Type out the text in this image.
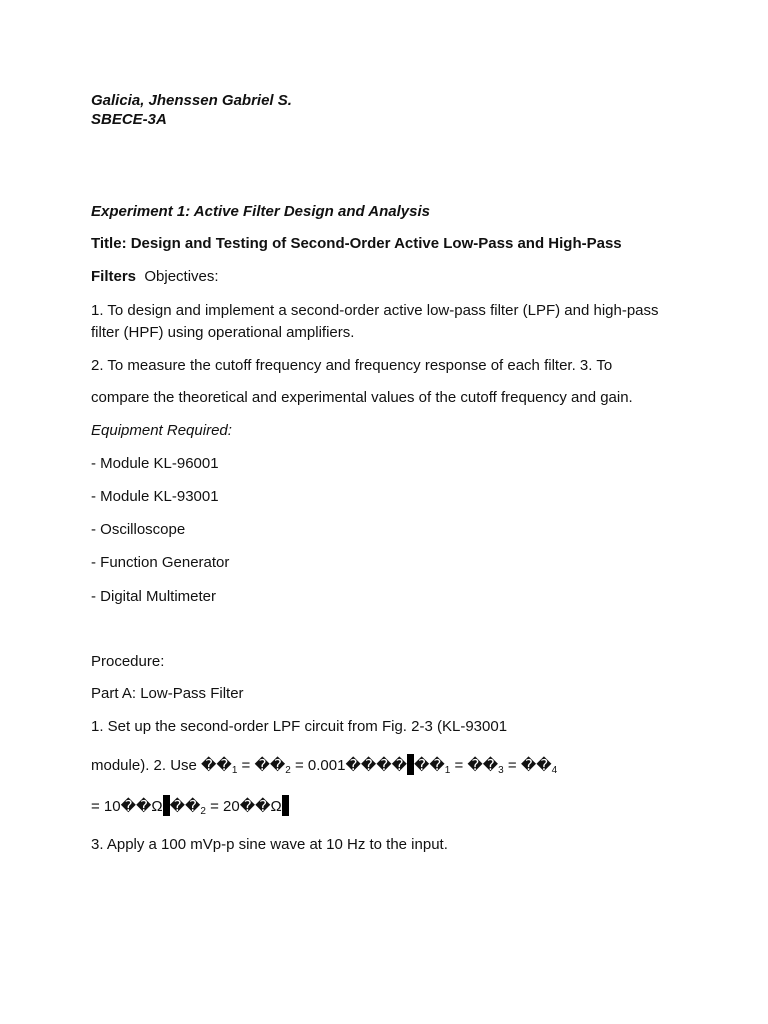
Galicia, Jhenssen Gabriel S.

SBECE-3A

Experiment 1: Active Filter Design and Analysis

Title: Design and Testing of Second-Order Active Low-Pass and High-Pass

Filters Objectives:

1. To design and implement a second-order active low-pass filter (LPF) and high-pass

filter (HPF) using operational amplifiers.

2. To measure the cutoff frequency and frequency response of each filter. 3. To

compare the theoretical and experimental values of the cutoff frequency and gain.

Equipment Required:

- Module KL-96001

- Module KL-93001

- Oscilloscope

- Function Generator

- Digital Multimeter

Procedure:

Part A: Low-Pass Filter

1. Set up the second-order LPF circuit from Fig. 2-3 (KL-93001

module). 2. Use $��_1$ = $��_2$ = 0.001���� $��_1$ = $��_3$ = $��_4$

= 10��Ω $��_2$ = 20��Ω

3. Apply a 100 mVp-p sine wave at 10 Hz to the input.
